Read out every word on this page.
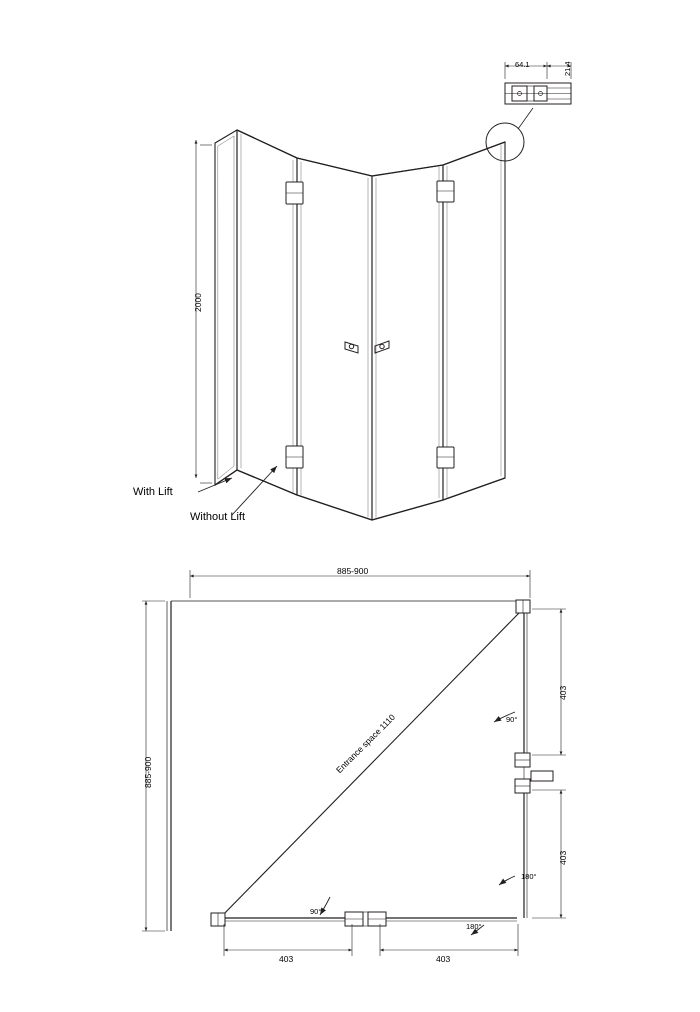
2000
64.1	21.4
With Lift
Without Lift
885-900
885-900
403
403
403	403
90°
180°
90°
180°
Entrance space 1110
